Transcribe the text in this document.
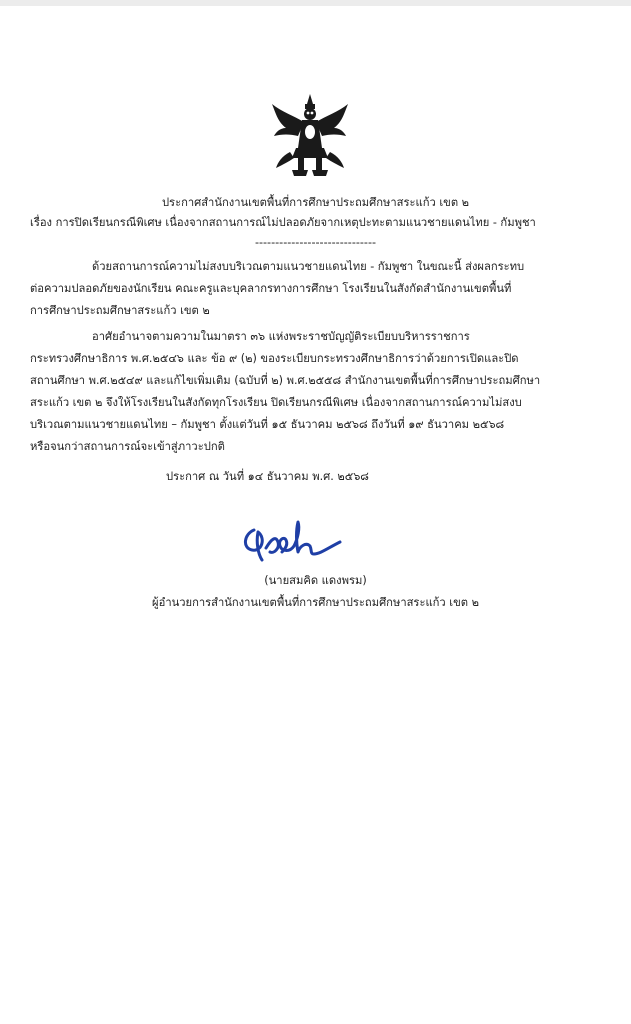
ประกาศสำนักงานเขตพื้นที่การศึกษาประถมศึกษาสระแก้ว เขต ๒
เรื่อง การปิดเรียนกรณีพิเศษ เนื่องจากสถานการณ์ไม่ปลอดภัยจากเหตุปะทะตามแนวชายแดนไทย - กัมพูชา
------------------------------
ด้วยสถานการณ์ความไม่สงบบริเวณตามแนวชายแดนไทย - กัมพูชา ในขณะนี้ ส่งผลกระทบ
ต่อความปลอดภัยของนักเรียน คณะครูและบุคลากรทางการศึกษา โรงเรียนในสังกัดสำนักงานเขตพื้นที่
การศึกษาประถมศึกษาสระแก้ว เขต ๒
อาศัยอำนาจตามความในมาตรา ๓๖ แห่งพระราชบัญญัติระเบียบบริหารราชการ
กระทรวงศึกษาธิการ พ.ศ.๒๕๔๖ และ ข้อ ๙ (๒) ของระเบียบกระทรวงศึกษาธิการว่าด้วยการเปิดและปิด
สถานศึกษา พ.ศ.๒๕๔๙ และแก้ไขเพิ่มเติม (ฉบับที่ ๒) พ.ศ.๒๕๕๘ สำนักงานเขตพื้นที่การศึกษาประถมศึกษา
สระแก้ว เขต ๒ จึงให้โรงเรียนในสังกัดทุกโรงเรียน ปิดเรียนกรณีพิเศษ เนื่องจากสถานการณ์ความไม่สงบ
บริเวณตามแนวชายแดนไทย – กัมพูชา ตั้งแต่วันที่ ๑๕ ธันวาคม ๒๕๖๘ ถึงวันที่ ๑๙ ธันวาคม ๒๕๖๘
หรือจนกว่าสถานการณ์จะเข้าสู่ภาวะปกติ
ประกาศ ณ วันที่ ๑๔ ธันวาคม พ.ศ. ๒๕๖๘
(นายสมคิด แดงพรม)
ผู้อำนวยการสำนักงานเขตพื้นที่การศึกษาประถมศึกษาสระแก้ว เขต ๒
